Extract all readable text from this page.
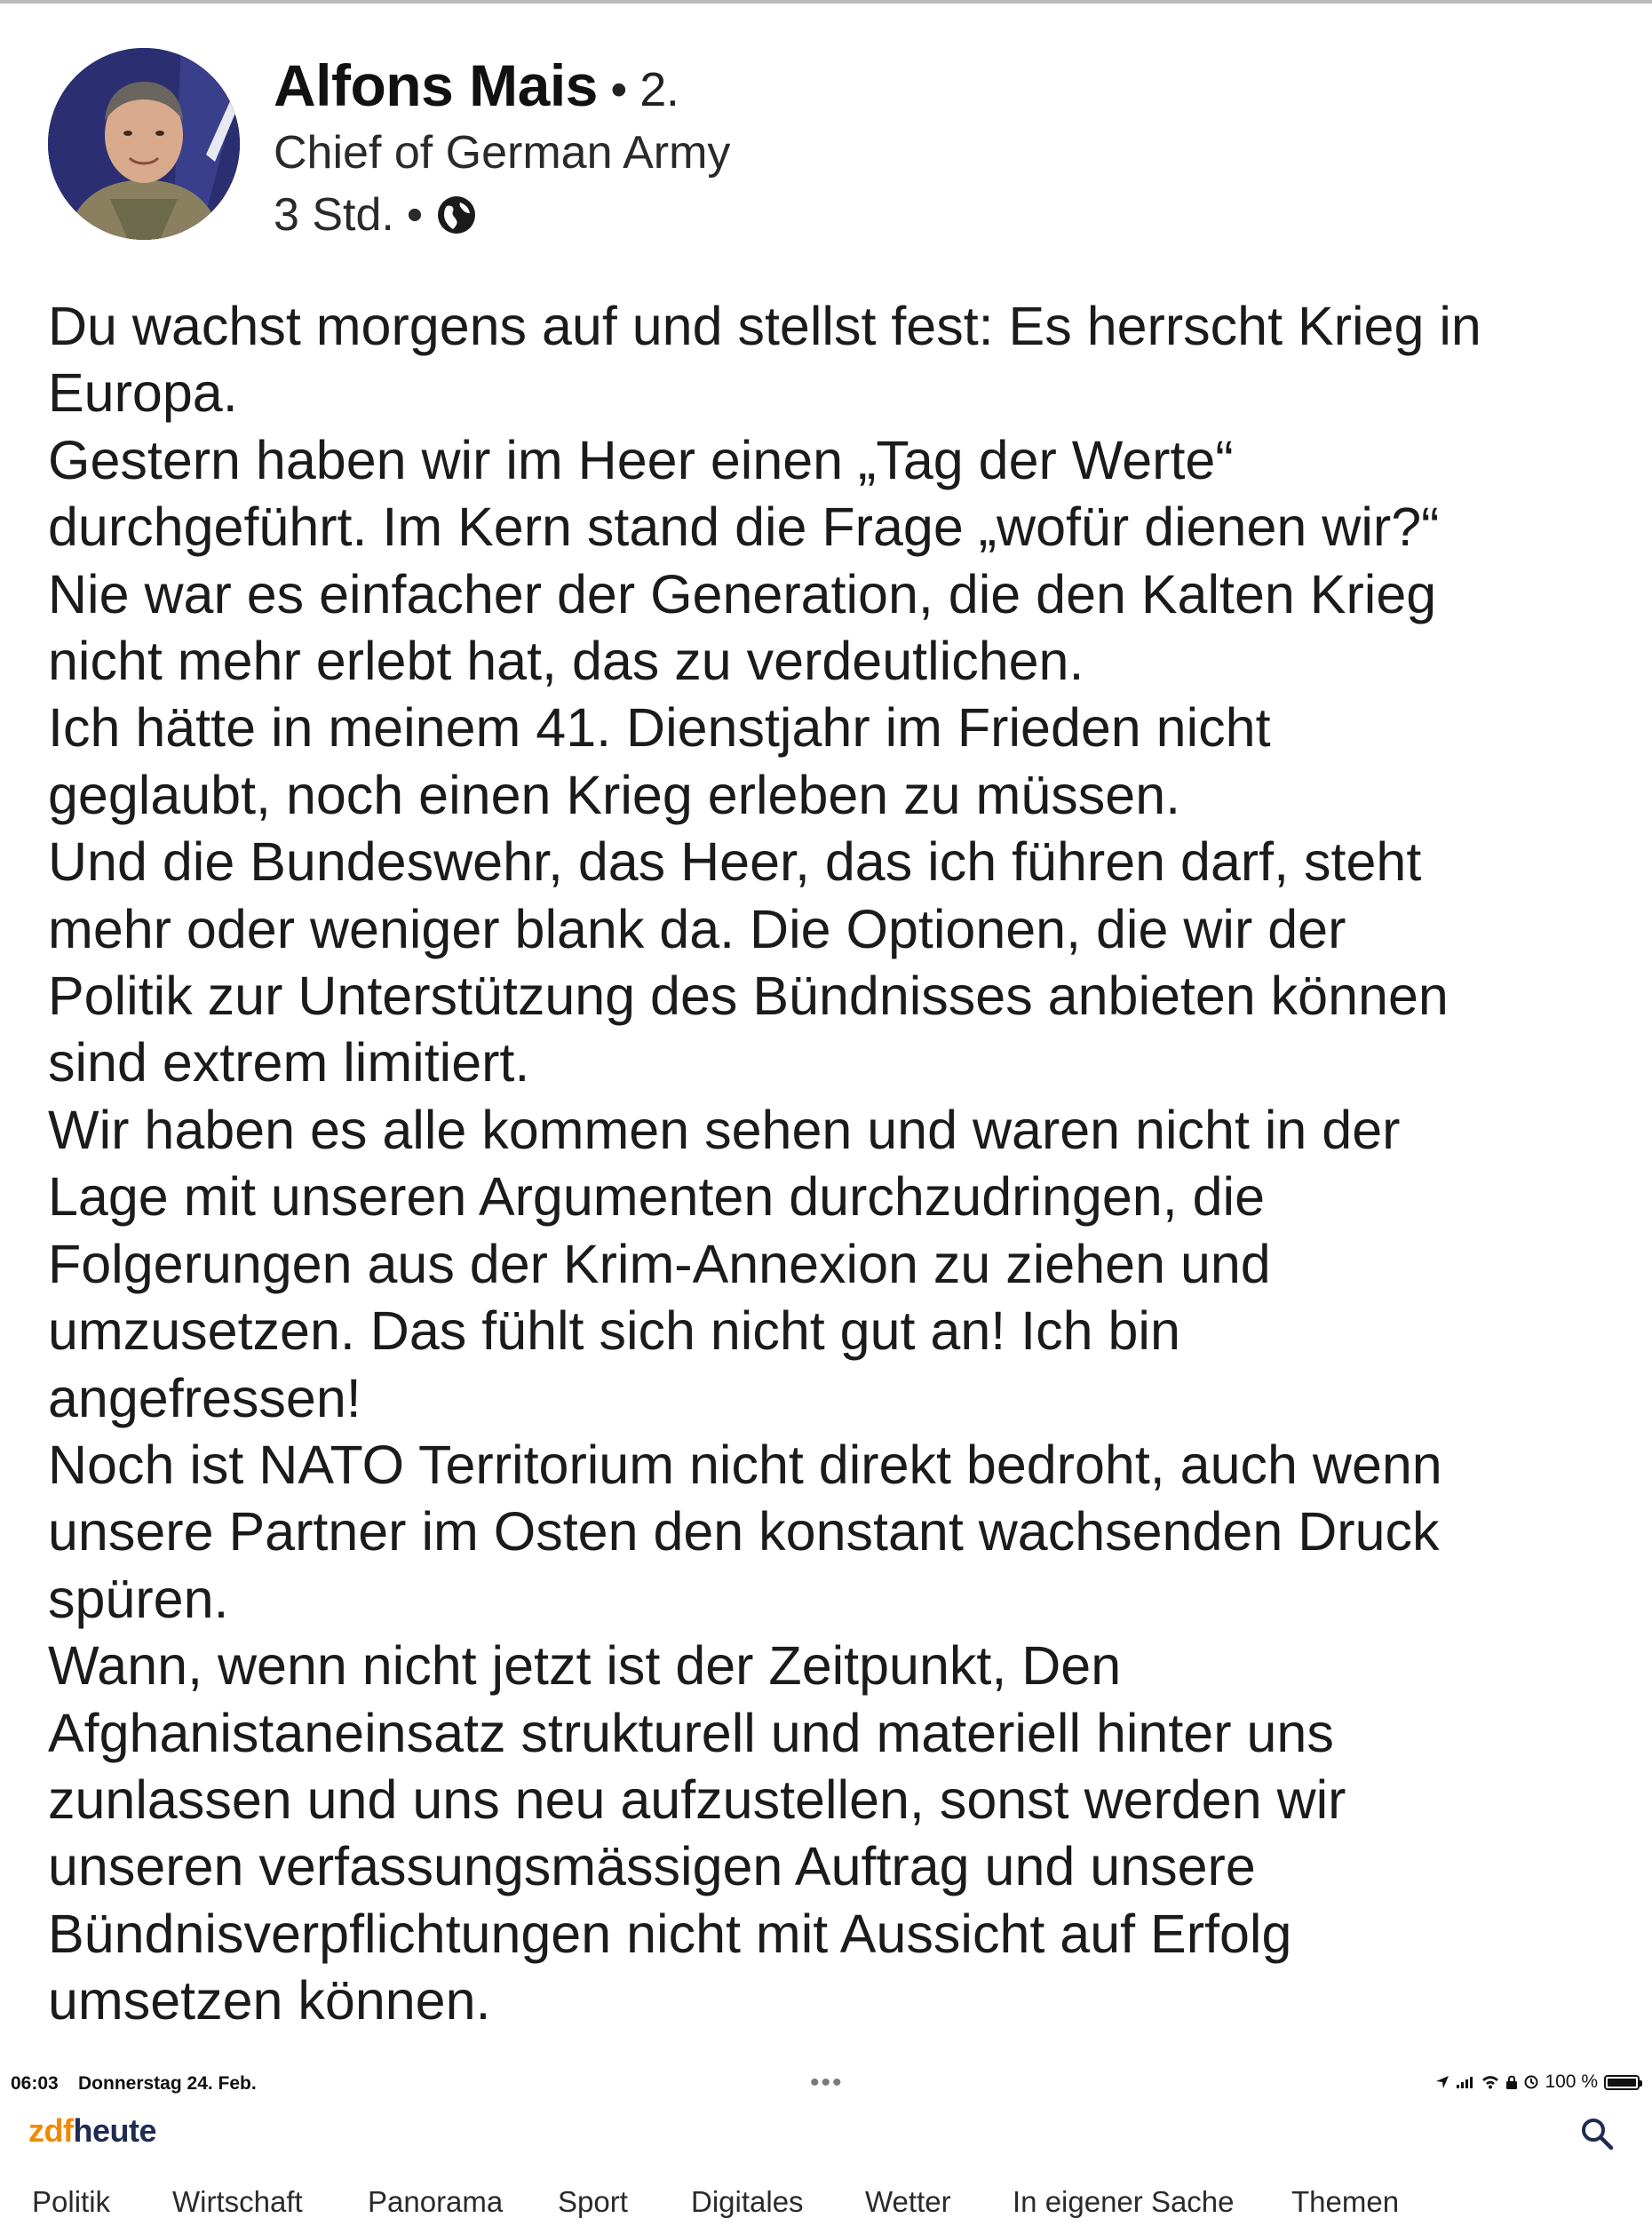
Alfons Mais • 2.
Chief of German Army
3 Std. •
Du wachst morgens auf und stellst fest: Es herrscht Krieg in
Europa.
Gestern haben wir im Heer einen „Tag der Werte“
durchgeführt. Im Kern stand die Frage „wofür dienen wir?“
Nie war es einfacher der Generation, die den Kalten Krieg
nicht mehr erlebt hat, das zu verdeutlichen.
Ich hätte in meinem 41. Dienstjahr im Frieden nicht
geglaubt, noch einen Krieg erleben zu müssen.
Und die Bundeswehr, das Heer, das ich führen darf, steht
mehr oder weniger blank da. Die Optionen, die wir der
Politik zur Unterstützung des Bündnisses anbieten können
sind extrem limitiert.
Wir haben es alle kommen sehen und waren nicht in der
Lage mit unseren Argumenten durchzudringen, die
Folgerungen aus der Krim-Annexion zu ziehen und
umzusetzen. Das fühlt sich nicht gut an! Ich bin
angefressen!
Noch ist NATO Territorium nicht direkt bedroht, auch wenn
unsere Partner im Osten den konstant wachsenden Druck
spüren.
Wann, wenn nicht jetzt ist der Zeitpunkt, Den
Afghanistaneinsatz strukturell und materiell hinter uns
zunlassen und uns neu aufzustellen, sonst werden wir
unseren verfassungsmässigen Auftrag und unsere
Bündnisverpflichtungen nicht mit Aussicht auf Erfolg
umsetzen können.
06:03 Donnerstag 24. Feb.	•••	100 %
zdfheute
Politik Wirtschaft Panorama Sport Digitales Wetter In eigener Sache Themen
